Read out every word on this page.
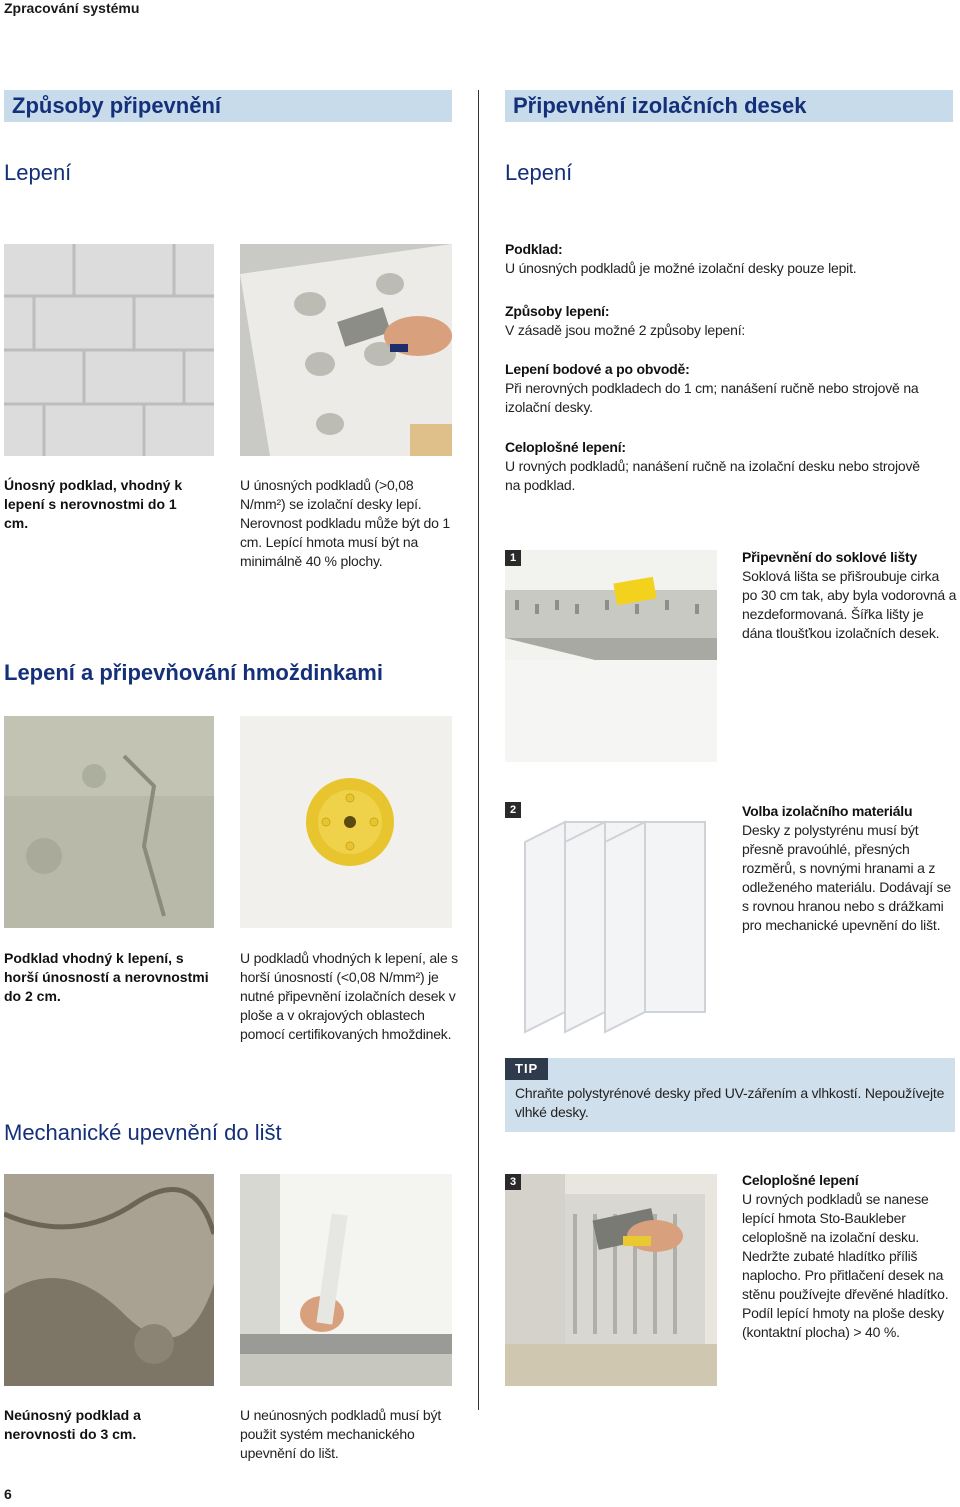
Zpracování systému
Způsoby připevnění
Lepení
Únosný podklad, vhodný k lepení s nerovnostmi do 1 cm.
U únosných podkladů (>0,08 N/mm²) se izolační desky lepí. Nerovnost podkladu může být do 1 cm. Lepící hmota musí být na minimálně 40 % plochy.
Lepení a připevňování hmoždinkami
Podklad vhodný k lepení, s horší únosností a nerovnostmi do 2 cm.
U podkladů vhodných k lepení, ale s horší únosností (<0,08 N/mm²) je nutné připevnění izolačních desek v ploše a v okrajových oblastech pomocí certifikovaných hmoždinek.
Mechanické upevnění do lišt
Neúnosný podklad a nerovnosti do 3 cm.
U neúnosných podkladů musí být použit systém mechanického upevnění do lišt.
6
Připevnění izolačních desek
Lepení
Podklad:
U únosných podkladů je možné izolační desky pouze lepit.
Způsoby lepení:
V zásadě jsou možné 2 způsoby lepení:
Lepení bodové a po obvodě:
Při nerovných podkladech do 1 cm; nanášení ručně nebo strojově na izolační desky.
Celoplošné lepení:
U rovných podkladů; nanášení ručně na izolační desku nebo strojově na podklad.
1	Připevnění do soklové lišty
Soklová lišta se přišroubuje cirka po 30 cm tak, aby byla vodorovná a nezdeformovaná. Šířka lišty je dána tloušťkou izolačních desek.
2	Volba izolačního materiálu
Desky z polystyrénu musí být přesně pravoúhlé, přesných rozměrů, s novnými hranami a z odleženého materiálu. Dodávají se s rovnou hranou nebo s drážkami pro mechanické upevnění do lišt.
TIP
Chraňte polystyrénové desky před UV-zářením a vlhkostí. Nepoužívejte vlhké desky.
3	Celoplošné lepení
U rovných podkladů se nanese lepící hmota Sto-Baukleber celoplošně na izolační desku. Nedržte zubaté hladítko příliš naplocho. Pro přitlačení desek na stěnu používejte dřevěné hladítko. Podíl lepící hmoty na ploše desky (kontaktní plocha) > 40 %.
